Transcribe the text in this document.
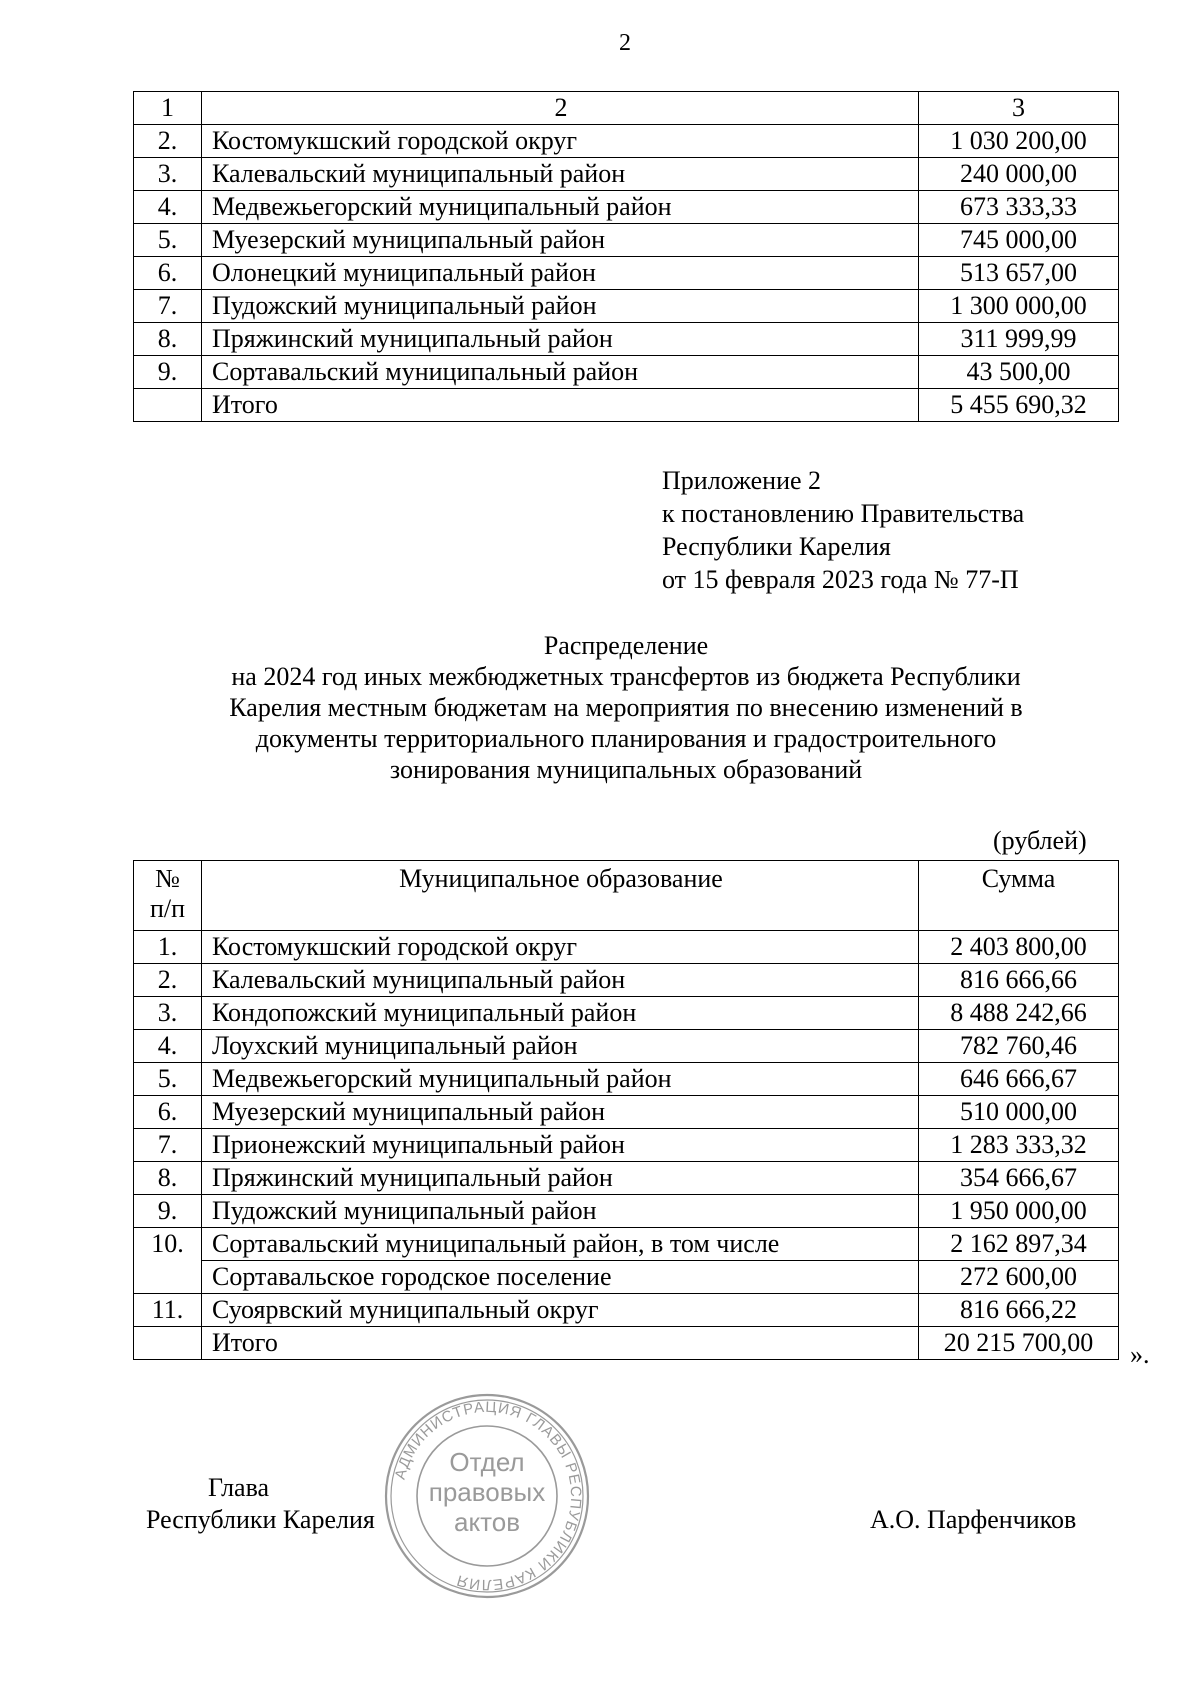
2
1	2	3
2.	Костомукшский городской округ	1 030 200,00
3.	Калевальский муниципальный район	240 000,00
4.	Медвежьегорский муниципальный район	673 333,33
5.	Муезерский муниципальный район	745 000,00
6.	Олонецкий муниципальный район	513 657,00
7.	Пудожский муниципальный район	1 300 000,00
8.	Пряжинский муниципальный район	311 999,99
9.	Сортавальский муниципальный район	43 500,00
	Итого	5 455 690,32
Приложение 2
к постановлению Правительства
Республики Карелия
от 15 февраля 2023 года № 77-П
Распределение
на 2024 год иных межбюджетных трансфертов из бюджета Республики
Карелия местным бюджетам на мероприятия по внесению изменений в
документы территориального планирования и градостроительного
зонирования муниципальных образований
(рублей)
№
п/п	Муниципальное образование	Сумма
1.	Костомукшский городской округ	2 403 800,00
2.	Калевальский муниципальный район	816 666,66
3.	Кондопожский муниципальный район	8 488 242,66
4.	Лоухский муниципальный район	782 760,46
5.	Медвежьегорский муниципальный район	646 666,67
6.	Муезерский муниципальный район	510 000,00
7.	Прионежский муниципальный район	1 283 333,32
8.	Пряжинский муниципальный район	354 666,67
9.	Пудожский муниципальный район	1 950 000,00
10.	Сортавальский муниципальный район, в том числе	2 162 897,34
	Сортавальское городское поселение	272 600,00
11.	Суоярвский муниципальный округ	816 666,22
	Итого	20 215 700,00 ».
Глава
Республики Карелия	А.О. Парфенчиков
АДМИНИСТРАЦИЯ ГЛАВЫ РЕСПУБЛИКИ КАРЕЛИЯ
Отдел
правовых
актов
